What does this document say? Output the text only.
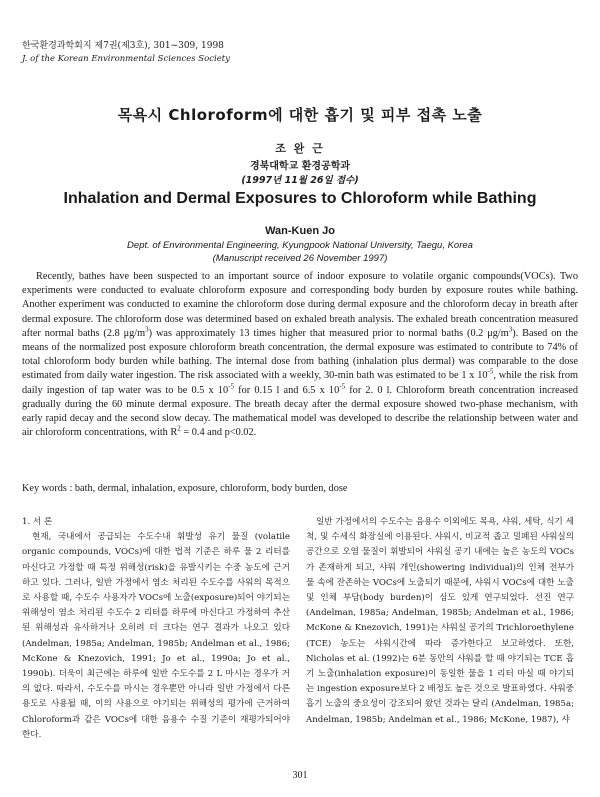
한국환경과학회지 제7권(제3호), 301~309, 1998
J. of the Korean Environmental Sciences Society
목욕시 Chloroform에 대한 흡기 및 피부 접촉 노출
조 완 근
경북대학교 환경공학과
(1997년 11월 26일 접수)
Inhalation and Dermal Exposures to Chloroform while Bathing
Wan-Kuen Jo
Dept. of Environmental Engineering, Kyungpook National University, Taegu, Korea
(Manuscript received 26 November 1997)
Recently, bathes have been suspected to an important source of indoor exposure to volatile organic compounds(VOCs). Two experiments were conducted to evaluate chloroform exposure and corresponding body burden by exposure routes while bathing. Another experiment was conducted to examine the chloroform dose during dermal exposure and the chloroform decay in breath after dermal exposure. The chloroform dose was determined based on exhaled breath analysis. The exhaled breath concentration measured after normal baths (2.8 $\mu g/m^3$) was approximately 13 times higher that measured prior to normal baths (0.2 $\mu g/m^3$). Based on the means of the normalized post exposure chloroform breath concentration, the dermal exposure was estimated to contribute to 74% of total chloroform body burden while bathing. The internal dose from bathing (inhalation plus dermal) was comparable to the dose estimated from daily water ingestion. The risk associated with a weekly, 30-min bath was estimated to be 1 x $10^{-5}$, while the risk from daily ingestion of tap water was to be 0.5 x $10^{-5}$ for 0.15 l and 6.5 x $10^{-5}$ for 2. 0 l. Chloroform breath concentration increased gradually during the 60 minute dermal exposure. The breath decay after the dermal exposure showed two-phase mechanism, with early rapid decay and the second slow decay. The mathematical model was developed to describe the relationship between water and air chloroform concentrations, with $R^2 = 0.4$ and p<0.02.
Key words : bath, dermal, inhalation, exposure, chloroform, body burden, dose
1. 서 론

현재, 국내에서 공급되는 수도수내 휘발성 유기 물질 (volatile organic compounds, VOCs)에 대한 법적 기준은 하루 물 2 리터를 마신다고 가정할 때 특정 위해성(risk)을 유발시키는 수중 농도에 근거하고 있다. 그러나, 일반 가정에서 염소 처리된 수도수를 사워의 목적으로 사용할 때, 수도수 사용자가 VOCs에 노출(exposure)되어 야기되는 위해성이 염소 처리된 수도수 2 리터를 하루에 마신다고 가정하여 추산된 위해성과 유사하거나 오히려 더 크다는 연구 결과가 나오고 있다 (Andelman, 1985a; Andelman, 1985b; Andelman et al., 1986; McKone & Knezovich, 1991; Jo et al., 1990a; Jo et al., 1990b). 더욱이 최근에는 하루에 일반 수도수를 2 L 마시는 경우가 거의 없다. 따라서, 수도수를 마시는 경우뿐만 아니라 일반 가정에서 다른 용도로 사용될 때, 이의 사용으로 야기되는 위해성의 평가에 근거하여 Chloroform과 같은 VOCs에 대한 음용수 수질 기준이 재평가되어야 한다.

일반 가정에서의 수도수는 음용수 이외에도 목욕, 샤워, 세탁, 식기 세척, 및 수세식 화장실에 이용된다. 샤워시, 비교적 좁고 밀폐된 샤워실의 공간으로 오염 물질이 휘발되어 샤워실 공기 내에는 높은 농도의 VOCs가 존재하게 되고, 샤워 개인(showering individual)의 인체 전부가 물 속에 잔존하는 VOCs에 노출되기 때문에, 샤워시 VOCs에 대한 노출 및 인체 부담(body burden)이 심도 있게 연구되었다. 선진 연구(Andelman, 1985a; Andelman, 1985b; Andelman et al., 1986; McKone & Knezovich, 1991)는 샤워실 공기의 Trichloroethylene (TCE) 농도는 샤워시간에 따라 증가한다고 보고하였다. 또한, Nicholas et al. (1992)는 6분 동안의 샤워를 할 때 야기되는 TCE 흡기 노출(inhalation exposure)이 동일한 물을 1 리터 마실 때 야기되는 ingestion exposure보다 2 배정도 높은 것으로 발표하였다. 샤워중 흡기 노출의 중요성이 강조되어 왔던 것과는 달리 (Andelman, 1985a; Andelman, 1985b; Andelman et al., 1986; McKone, 1987), 샤

301
